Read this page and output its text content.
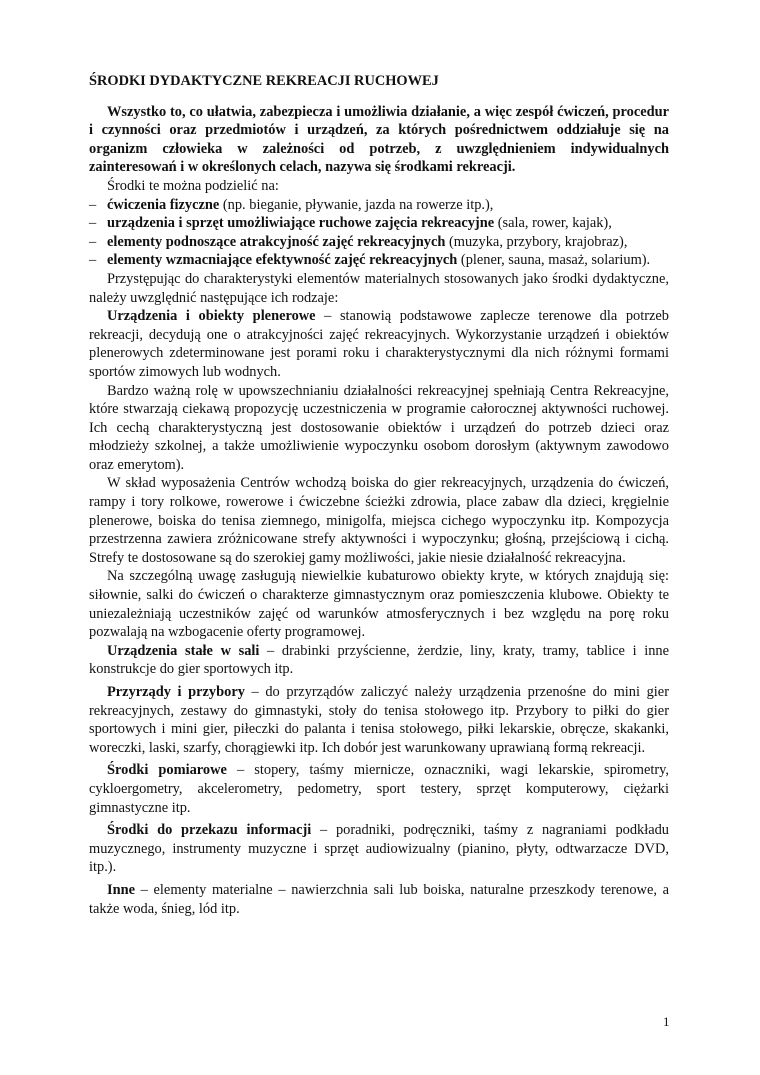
ŚRODKI DYDAKTYCZNE REKREACJI RUCHOWEJ

Wszystko to, co ułatwia, zabezpiecza i umożliwia działanie, a więc zespół ćwiczeń, procedur i czynności oraz przedmiotów i urządzeń, za których pośrednictwem oddziałuje się na organizm człowieka w zależności od potrzeb, z uwzględnieniem indywidualnych zainteresowań i w określonych celach, nazywa się środkami rekreacji.

Środki te można podzielić na:

– ćwiczenia fizyczne (np. bieganie, pływanie, jazda na rowerze itp.),
– urządzenia i sprzęt umożliwiające ruchowe zajęcia rekreacyjne (sala, rower, kajak),
– elementy podnoszące atrakcyjność zajęć rekreacyjnych (muzyka, przybory, krajobraz),
– elementy wzmacniające efektywność zajęć rekreacyjnych (plener, sauna, masaż, solarium).

Przystępując do charakterystyki elementów materialnych stosowanych jako środki dydaktyczne, należy uwzględnić następujące ich rodzaje:

Urządzenia i obiekty plenerowe – stanowią podstawowe zaplecze terenowe dla potrzeb rekreacji, decydują one o atrakcyjności zajęć rekreacyjnych. Wykorzystanie urządzeń i obiektów plenerowych zdeterminowane jest porami roku i charakterystycznymi dla nich różnymi formami sportów zimowych lub wodnych.

Bardzo ważną rolę w upowszechnianiu działalności rekreacyjnej spełniają Centra Rekreacyjne, które stwarzają ciekawą propozycję uczestniczenia w programie całorocznej aktywności ruchowej. Ich cechą charakterystyczną jest dostosowanie obiektów i urządzeń do potrzeb dzieci oraz młodzieży szkolnej, a także umożliwienie wypoczynku osobom dorosłym (aktywnym zawodowo oraz emerytom).

W skład wyposażenia Centrów wchodzą boiska do gier rekreacyjnych, urządzenia do ćwiczeń, rampy i tory rolkowe, rowerowe i ćwiczebne ścieżki zdrowia, place zabaw dla dzieci, kręgielnie plenerowe, boiska do tenisa ziemnego, minigolfa, miejsca cichego wypoczynku itp. Kompozycja przestrzenna zawiera zróżnicowane strefy aktywności i wypoczynku; głośną, przejściową i cichą. Strefy te dostosowane są do szerokiej gamy możliwości, jakie niesie działalność rekreacyjna.

Na szczególną uwagę zasługują niewielkie kubaturowo obiekty kryte, w których znajdują się: siłownie, salki do ćwiczeń o charakterze gimnastycznym oraz pomieszczenia klubowe. Obiekty te uniezależniają uczestników zajęć od warunków atmosferycznych i bez względu na porę roku pozwalają na wzbogacenie oferty programowej.

Urządzenia stałe w sali – drabinki przyścienne, żerdzie, liny, kraty, tramy, tablice i inne konstrukcje do gier sportowych itp.

Przyrządy i przybory – do przyrządów zaliczyć należy urządzenia przenośne do mini gier rekreacyjnych, zestawy do gimnastyki, stoły do tenisa stołowego itp. Przybory to piłki do gier sportowych i mini gier, piłeczki do palanta i tenisa stołowego, piłki lekarskie, obręcze, skakanki, woreczki, laski, szarfy, chorągiewki itp. Ich dobór jest warunkowany uprawianą formą rekreacji.

Środki pomiarowe – stopery, taśmy miernicze, oznaczniki, wagi lekarskie, spirometry, cykloergometry, akcelerometry, pedometry, sport testery, sprzęt komputerowy, ciężarki gimnastyczne itp.

Środki do przekazu informacji – poradniki, podręczniki, taśmy z nagraniami podkładu muzycznego, instrumenty muzyczne i sprzęt audiowizualny (pianino, płyty, odtwarzacze DVD, itp.).

Inne – elementy materialne – nawierzchnia sali lub boiska, naturalne przeszkody terenowe, a także woda, śnieg, lód itp.

1
